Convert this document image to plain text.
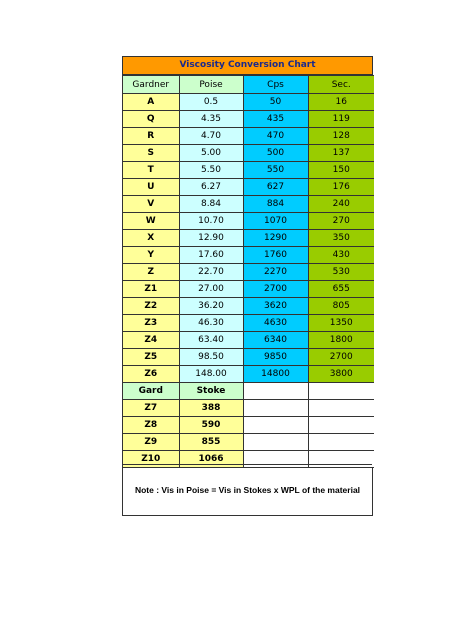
Viscosity Conversion Chart
Gardner	Poise	Cps	Sec.
A	0.5	50	16
Q	4.35	435	119
R	4.70	470	128
S	5.00	500	137
T	5.50	550	150
U	6.27	627	176
V	8.84	884	240
W	10.70	1070	270
X	12.90	1290	350
Y	17.60	1760	430
Z	22.70	2270	530
Z1	27.00	2700	655
Z2	36.20	3620	805
Z3	46.30	4630	1350
Z4	63.40	6340	1800
Z5	98.50	9850	2700
Z6	148.00	14800	3800
Gard	Stoke		
Z7	388		
Z8	590		
Z9	855		
Z10	1066		
Note : Vis in Poise = Vis in Stokes x WPL of the material
